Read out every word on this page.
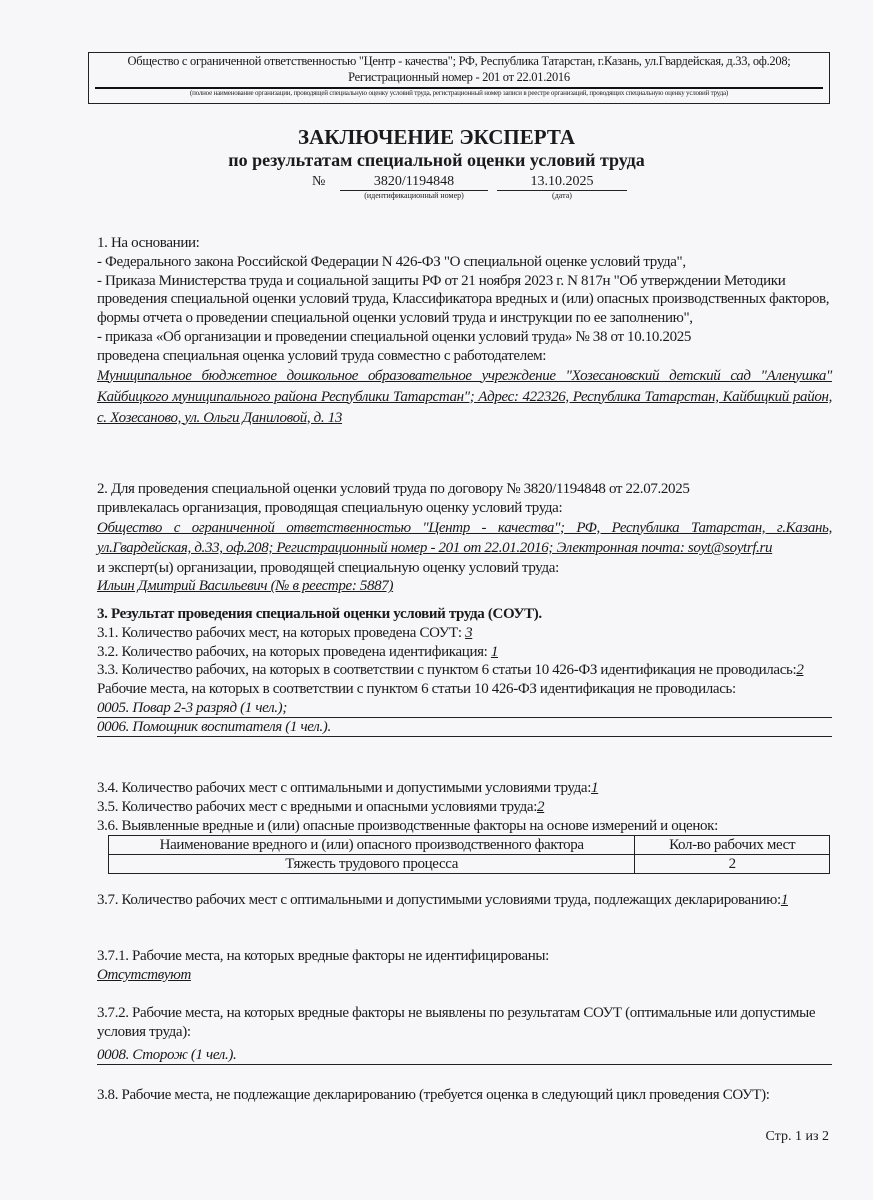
Общество с ограниченной ответственностью "Центр - качества"; РФ, Республика Татарстан, г.Казань, ул.Гвардейская, д.33, оф.208;
Регистрационный номер - 201 от 22.01.2016
(полное наименование организации, проводящей специальную оценку условий труда, регистрационный номер записи в реестре организаций, проводящих специальную оценку условий труда)
ЗАКЛЮЧЕНИЕ ЭКСПЕРТА
по результатам специальной оценки условий труда
№	3820/1194848
(идентификационный номер)
13.10.2025
(дата)
1. На основании:
- Федерального закона Российской Федерации N 426-ФЗ "О специальной оценке условий труда",
- Приказа Министерства труда и социальной защиты РФ от 21 ноября 2023 г. N 817н "Об утверждении Методики проведения специальной оценки условий труда, Классификатора вредных и (или) опасных производственных факторов, формы отчета о проведении специальной оценки условий труда и инструкции по ее заполнению",
- приказа «Об организации и проведении специальной оценки условий труда» № 38 от 10.10.2025
проведена специальная оценка условий труда совместно с работодателем:
Муниципальное бюджетное дошкольное образовательное учреждение "Хозесановский детский сад "Аленушка" Кайбицкого муниципального района Республики Татарстан"; Адрес: 422326, Республика Татарстан, Кайбицкий район, с. Хозесаново, ул. Ольги Даниловой, д. 13
2. Для проведения специальной оценки условий труда по договору № 3820/1194848 от 22.07.2025
привлекалась организация, проводящая специальную оценку условий труда:
Общество с ограниченной ответственностью "Центр - качества"; РФ, Республика Татарстан, г.Казань, ул.Гвардейская, д.33, оф.208; Регистрационный номер - 201 от 22.01.2016; Электронная почта: soyt@soytrf.ru
и эксперт(ы) организации, проводящей специальную оценку условий труда:
Ильин Дмитрий Васильевич (№ в реестре: 5887)
3. Результат проведения специальной оценки условий труда (СОУТ).
3.1. Количество рабочих мест, на которых проведена СОУТ: 3
3.2. Количество рабочих, на которых проведена идентификация: 1
3.3. Количество рабочих, на которых в соответствии с пунктом 6 статьи 10 426-ФЗ идентификация не проводилась:2
Рабочие места, на которых в соответствии с пунктом 6 статьи 10 426-ФЗ идентификация не проводилась:
0005. Повар 2-3 разряд (1 чел.);
0006. Помощник воспитателя (1 чел.).
3.4. Количество рабочих мест с оптимальными и допустимыми условиями труда:1
3.5. Количество рабочих мест с вредными и опасными условиями труда:2
3.6. Выявленные вредные и (или) опасные производственные факторы на основе измерений и оценок:
Наименование вредного и (или) опасного производственного фактора	Кол-во рабочих мест
Тяжесть трудового процесса	2
3.7. Количество рабочих мест с оптимальными и допустимыми условиями труда, подлежащих декларированию:1
3.7.1. Рабочие места, на которых вредные факторы не идентифицированы:
Отсутствуют
3.7.2. Рабочие места, на которых вредные факторы не выявлены по результатам СОУТ (оптимальные или допустимые условия труда):
0008. Сторож (1 чел.).
3.8. Рабочие места, не подлежащие декларированию (требуется оценка в следующий цикл проведения СОУТ):
Стр. 1 из 2
